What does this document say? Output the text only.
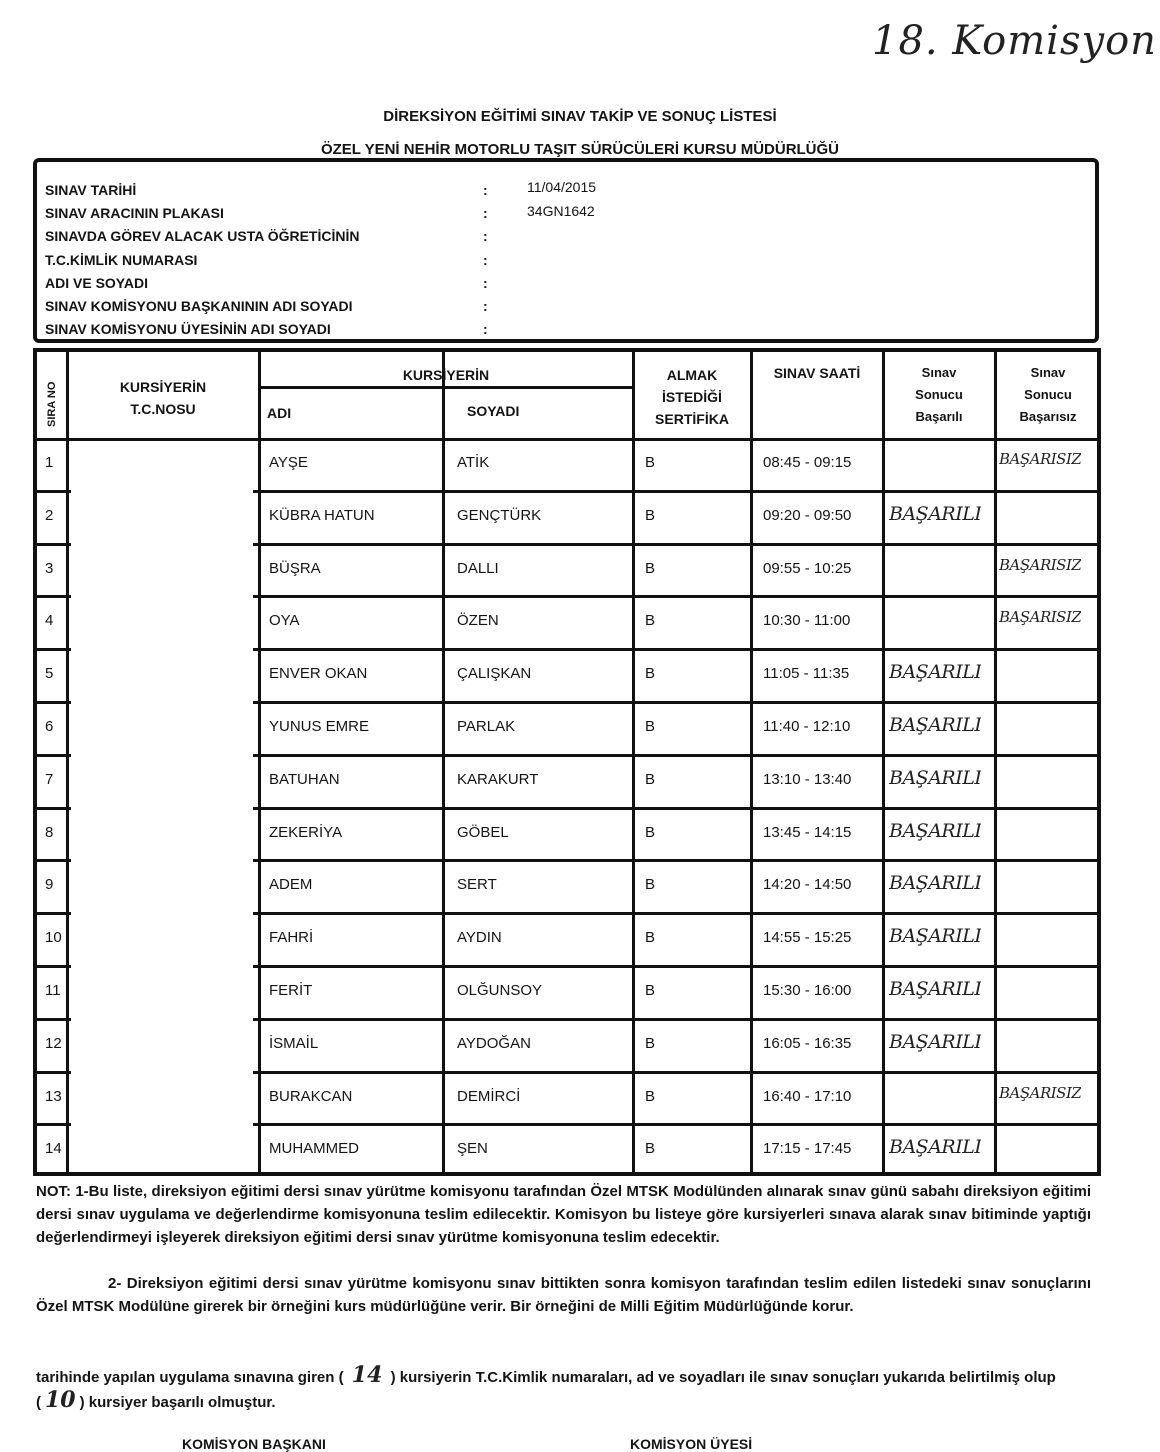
18. Komisyon
DİREKSİYON EĞİTİMİ SINAV TAKİP VE SONUÇ LİSTESİ
ÖZEL YENİ NEHİR MOTORLU TAŞIT SÜRÜCÜLERİ KURSU MÜDÜRLÜĞÜ
SINAV TARİHİ	:	11/04/2015
SINAV ARACININ PLAKASI	:	34GN1642
SINAVDA GÖREV ALACAK USTA ÖĞRETİCİNİN	:
T.C.KİMLİK NUMARASI	:
ADI VE SOYADI	:
SINAV KOMİSYONU BAŞKANININ ADI SOYADI	:
SINAV KOMİSYONU ÜYESİNİN ADI SOYADI	:
SIRA NO	KURSİYERİN
T.C.NOSU
KURSİYERİN
ADI	SOYADI
ALMAK
İSTEDİĞİ
SERTİFİKA
SINAV SAATİ	Sınav
Sonucu
Başarılı
Sınav
Sonucu
Başarısız
1	AYŞE	ATİK	B	08:45 - 09:15	BAŞARISIZ
2	KÜBRA HATUN	GENÇTÜRK	B	09:20 - 09:50 BAŞARILI
3	BÜŞRA	DALLI	B	09:55 - 10:25	BAŞARISIZ
4	OYA	ÖZEN	B	10:30 - 11:00	BAŞARISIZ
5	ENVER OKAN	ÇALIŞKAN	B	11:05 - 11:35 BAŞARILI
6	YUNUS EMRE	PARLAK	B	11:40 - 12:10 BAŞARILI
7	BATUHAN	KARAKURT	B	13:10 - 13:40 BAŞARILI
8	ZEKERİYA	GÖBEL	B	13:45 - 14:15 BAŞARILI
9	ADEM	SERT	B	14:20 - 14:50 BAŞARILI
10	FAHRİ	AYDIN	B	14:55 - 15:25 BAŞARILI
11	FERİT	OLĞUNSOY	B	15:30 - 16:00 BAŞARILI
12	İSMAİL	AYDOĞAN	B	16:05 - 16:35 BAŞARILI
13	BURAKCAN	DEMİRCİ	B	16:40 - 17:10	BAŞARISIZ
14	MUHAMMED	ŞEN	B	17:15 - 17:45 BAŞARILI
NOT: 1-Bu liste, direksiyon eğitimi dersi sınav yürütme komisyonu tarafından Özel MTSK Modülünden alınarak sınav günü sabahı direksiyon eğitimi dersi sınav uygulama ve değerlendirme komisyonuna teslim edilecektir. Komisyon bu listeye göre kursiyerleri sınava alarak sınav bitiminde yaptığı değerlendirmeyi işleyerek direksiyon eğitimi dersi sınav yürütme komisyonuna teslim edecektir.
2- Direksiyon eğitimi dersi sınav yürütme komisyonu sınav bittikten sonra komisyon tarafından teslim edilen listedeki sınav sonuçlarını Özel MTSK Modülüne girerek bir örneğini kurs müdürlüğüne verir. Bir örneğini de Milli Eğitim Müdürlüğünde korur.
tarihinde yapılan uygulama sınavına giren ( 14 ) kursiyerin T.C.Kimlik numaraları, ad ve soyadları ile sınav sonuçları yukarıda belirtilmiş olup ( 10 ) kursiyer başarılı olmuştur.
KOMİSYON BAŞKANI	KOMİSYON ÜYESİ
